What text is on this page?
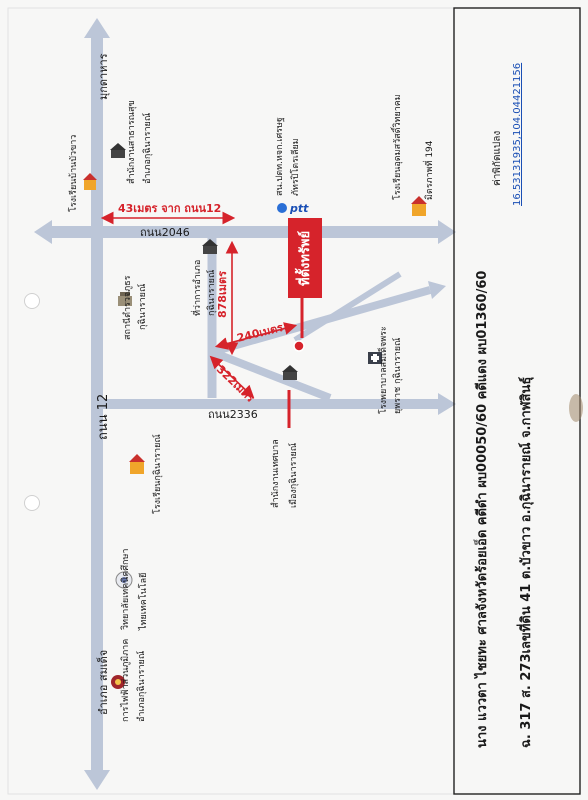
ถนน2046
ถนน2336
ถนน 12
มุกดาหาร
อำเภอ สมเด็จ
43เมตร จาก ถนน12
878เมตร
240เมตร
322เมตร
ที่ตั้งทรัพย์
ptt
สน.ปตท.หจก.เศรษฐ ภัทรปิโตรเลียม
โรงเรียนบ้านบัวขาว	สำนักงานสาธารณสุข อำเภอกุฉินารายณ์	โรงเรียนอุดมสวัสดิ์วิทยาคม	มิตรภาพที่ 194
สถานีตำรวจภูธร กุฉินารายณ์	ที่ว่าการอำเภอ กุฉินารายณ์
โรงพยาบาลสมเด็จพระ ยุพราช กุฉินารายณ์
สำนักงานเทศบาล เมืองกุฉินารายณ์
โรงเรียนกุฉินารายณ์
วิทยาลัยเทคนิคศึกษา ไทยเทคโนโลยี
การไฟฟ้าส่วนภูมิภาค อำเภอกุฉินารายณ์	นาง แววตา ไชยทะ ศาลจังหวัดร้อยเอ็ด คดีดำ ผบ00050/60 คดีแดง ผบ01360/60 ฉ. 317 ส. 273เลขที่ดิน 41 ต.บัวขาว อ.กุฉินารายณ์ จ.กาฬสินธุ์
ค่าพิกัดแปลง 16.53131935,104.04421156
